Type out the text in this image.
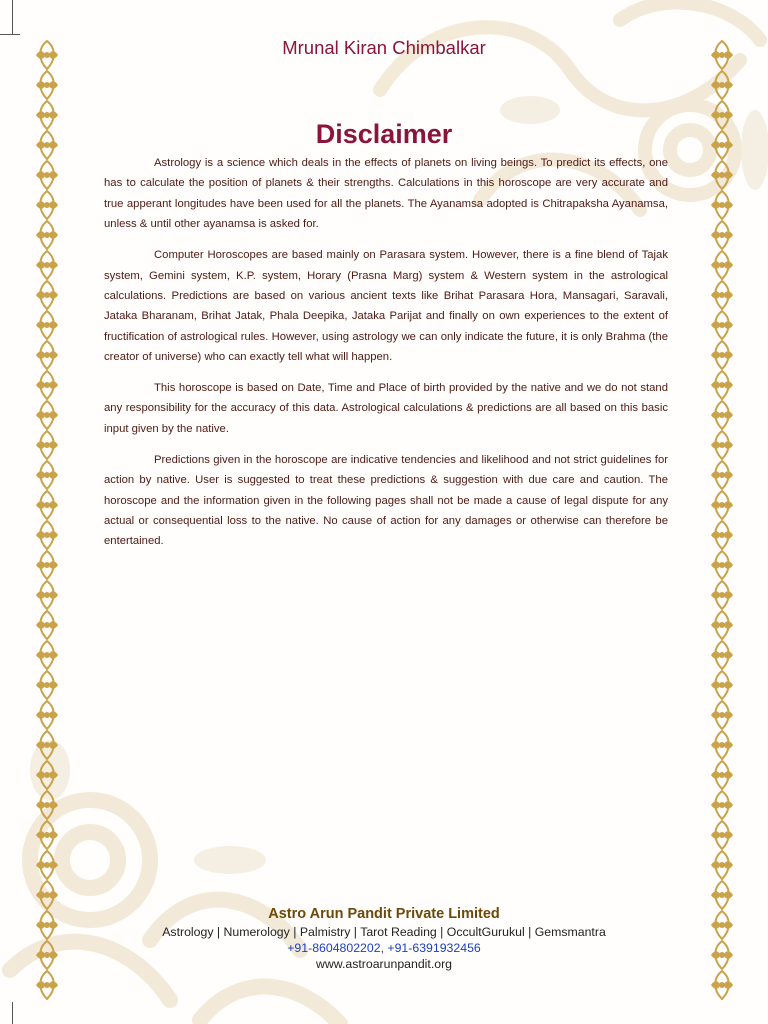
Mrunal Kiran Chimbalkar
Disclaimer

Astrology is a science which deals in the effects of planets on living beings. To predict its effects, one has to calculate the position of planets & their strengths. Calculations in this horoscope are very accurate and true apperant longitudes have been used for all the planets. The Ayanamsa adopted is Chitrapaksha Ayanamsa, unless & until other ayanamsa is asked for.

Computer Horoscopes are based mainly on Parasara system. However, there is a fine blend of Tajak system, Gemini system, K.P. system, Horary (Prasna Marg) system & Western system in the astrological calculations. Predictions are based on various ancient texts like Brihat Parasara Hora, Mansagari, Saravali, Jataka Bharanam, Brihat Jatak, Phala Deepika, Jataka Parijat and finally on own experiences to the extent of fructification of astrological rules. However, using astrology we can only indicate the future, it is only Brahma (the creator of universe) who can exactly tell what will happen.

This horoscope is based on Date, Time and Place of birth provided by the native and we do not stand any responsibility for the accuracy of this data. Astrological calculations & predictions are all based on this basic input given by the native.

Predictions given in the horoscope are indicative tendencies and likelihood and not strict guidelines for action by native. User is suggested to treat these predictions & suggestion with due care and caution. The horoscope and the information given in the following pages shall not be made a cause of legal dispute for any actual or consequential loss to the native. No cause of action for any damages or otherwise can therefore be entertained.

Astro Arun Pandit Private Limited
Astrology | Numerology | Palmistry | Tarot Reading | OccultGurukul | Gemsmantra
+91-8604802202, +91-6391932456
www.astroarunpandit.org
